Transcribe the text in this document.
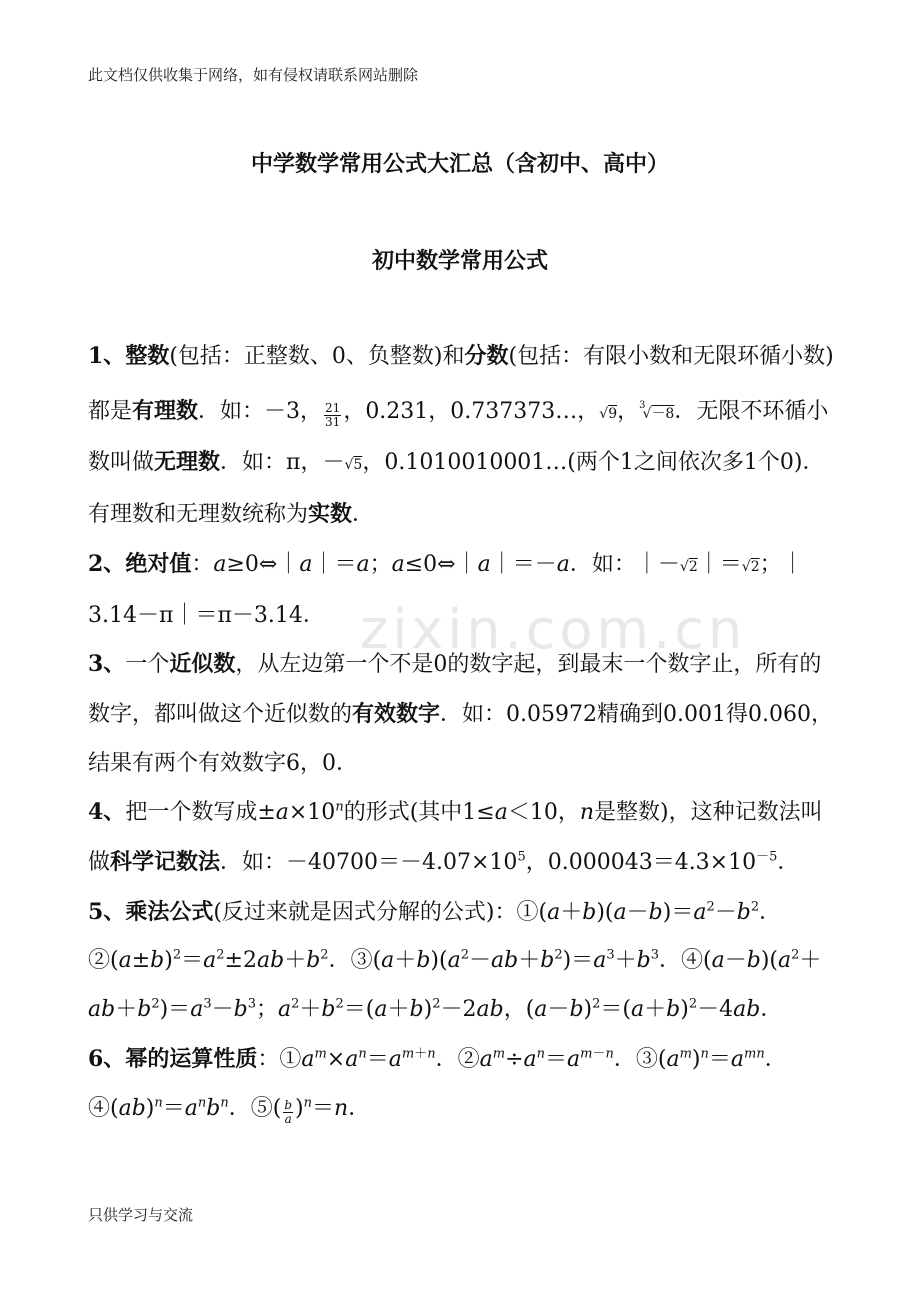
此文档仅供收集于网络，如有侵权请联系网站删除
中学数学常用公式大汇总（含初中、高中）
初中数学常用公式
zixin.com.cn

1、整数(包括：正整数、0、负整数)和分数(包括：有限小数和无限环循小数)都是有理数．如：－3， $\frac{21}{31}$ ，0.231，0.737373…，√9，$^3$√－8．无限不环循小数叫做无理数．如：π，－√5，0.1010010001…(两个1之间依次多1个0)．有理数和无理数统称为实数．

2、绝对值：a≥0⇔｜a｜＝a；a≤0⇔｜a｜＝－a．如：｜－√2｜＝√2；｜3.14－π｜＝π－3.14．

3、一个近似数，从左边第一个不是0的数字起，到最末一个数字止，所有的数字，都叫做这个近似数的有效数字．如：0.05972精确到0.001得0.060，结果有两个有效数字6，0．

4、把一个数写成$\pm a\times 10^n$的形式(其中1≤a＜10，n是整数)，这种记数法叫做科学记数法．如：$-40700=-4.07\times 10^5$，$0.000043=4.3\times 10^{-5}$．

5、乘法公式(反过来就是因式分解的公式)：$①(a+b)(a-b)=a^2-b^2$．$②(a\pm b)^2=a^2\pm 2ab+b^2$．$③(a+b)(a^2-ab+b^2)=a^3+b^3$．$④(a-b)(a^2+ab+b^2)=a^3-b^3$；$a^2+b^2=(a+b)^2-2ab$，$(a-b)^2=(a+b)^2-4ab$．

6、幂的运算性质：$①a^m\times a^n=a^{m+n}$．$②a^m\div a^n=a^{m-n}$．$③(a^m)^n=a^{mn}$．$④(ab)^n=a^nb^n$．⑤( $\frac{b}{a} )^n=n$．

只供学习与交流
